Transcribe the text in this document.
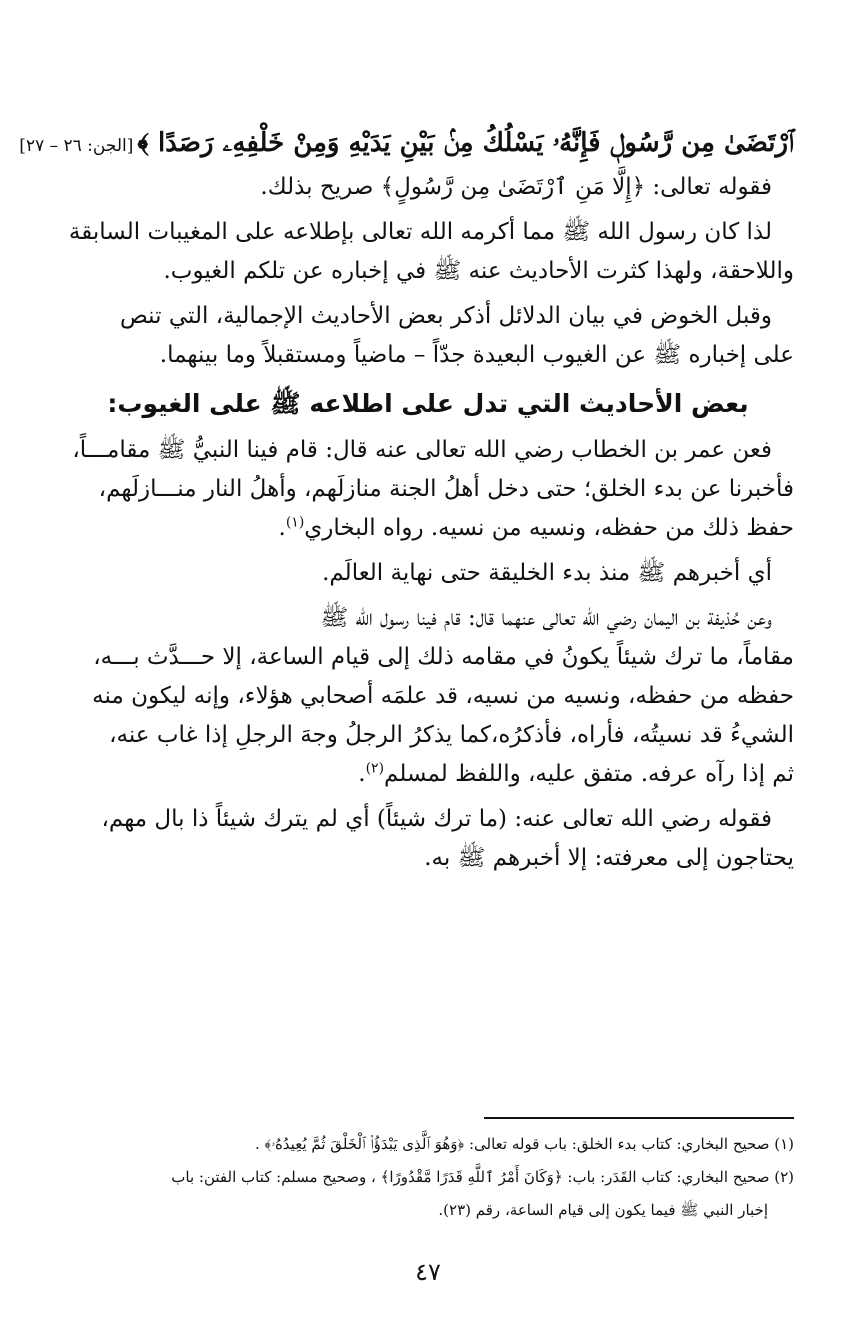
ﭐﺭْﺗَﻀَﻰٰ ﻣِﻦ ﺭَّﺳُﻮﻝٖ ﻓَﺈِﻧَّﻪُۥ ﻳَﺴْﻠُﻚُ ﻣِﻦۢ ﺑَﻴْﻦِ ﻳَﺪَﻳْﻪِ ﻭَﻣِﻦْ ﺧَﻠْﻔِﻪِۦ ﺭَﺻَﺪًﺍ ﴾[الجن: ٢٦ – ٢٧]

فقوله تعالى: ﴿إِلَّا مَنِ ٱرْتَضَىٰ مِن رَّسُولٍ﴾ صريح بذلك.

لذا كان رسول الله ﷺ مما أكرمه الله تعالى بإطلاعه على المغيبات السابقة

واللاحقة، ولهذا كثرت الأحاديث عنه ﷺ في إخباره عن تلكم الغيوب.

وقبل الخوض في بيان الدلائل أذكر بعض الأحاديث الإجمالية، التي تنص

على إخباره ﷺ عن الغيوب البعيدة جدّاً – ماضياً ومستقبلاً وما بينهما.

بعض الأحاديث التي تدل على اطلاعه ﷺ على الغيوب:

فعن عمر بن الخطاب رضي الله تعالى عنه قال: قام فينا النبيُّ ﷺ مقامـــاً،

فأخبرنا عن بدء الخلق؛ حتى دخل أهلُ الجنة منازلَهم، وأهلُ النار منـــازلَهم،

حفظ ذلك من حفظه، ونسيه من نسيه. رواه البخاري$^{(١)}$.

أي أخبرهم ﷺ منذ بدء الخليقة حتى نهاية العالَم.

وعن حُذيفة بن اليمان رضي الله تعالى عنهما قال: قام فينا رسول الله ﷺ

مقاماً، ما ترك شيئاً يكونُ في مقامه ذلك إلى قيام الساعة، إلا حـــدَّث بـــه،

حفظه من حفظه، ونسيه من نسيه، قد علمَه أصحابي هؤلاء، وإنه ليكون منه

الشيءُ قد نسيتُه، فأراه، فأذكرُه،كما يذكرُ الرجلُ وجهَ الرجلِ إذا غاب عنه،

ثم إذا رآه عرفه. متفق عليه، واللفظ لمسلم$^{(٢)}$.

فقوله رضي الله تعالى عنه: (ما ترك شيئاً) أي لم يترك شيئاً ذا بال مهم،

يحتاجون إلى معرفته: إلا أخبرهم ﷺ به.

(١) صحيح البخاري: كتاب بدء الخلق: باب قوله تعالى: ﴿وَهُوَ ٱلَّذِى يَبْدَؤُا۟ ٱلْخَلْقَ ثُمَّ يُعِيدُهُۥ﴾ .

(٢) صحيح البخاري: كتاب القَدَر: باب: ﴿وَكَانَ أَمْرُ ٱللَّهِ قَدَرًا مَّقْدُورًا﴾ ، وصحيح مسلم: كتاب الفتن: باب

إخبار النبي ﷺ فيما يكون إلى قيام الساعة، رقم (٢٣).

٤٧
